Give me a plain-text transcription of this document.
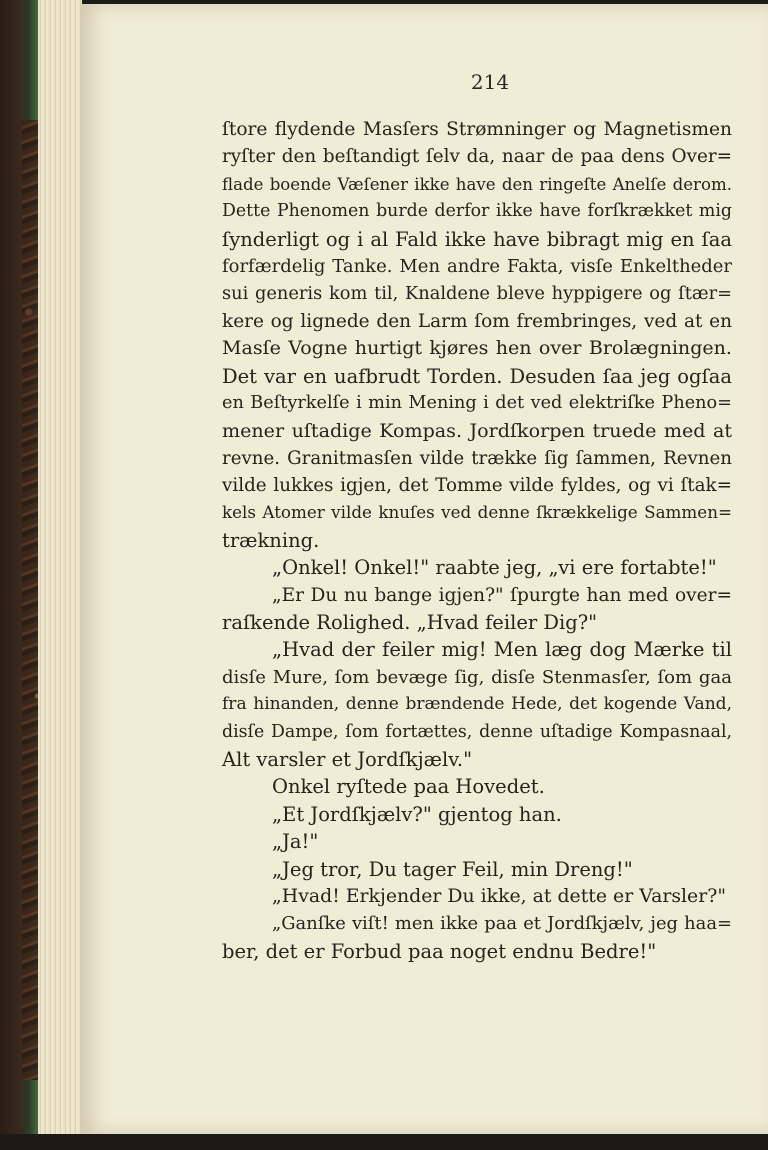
214
ſtore flydende Masſers Strømninger og Magnetismen
ryſter den beſtandigt ſelv da, naar de paa dens Over=
flade boende Væſener ikke have den ringeſte Anelſe derom.
Dette Phenomen burde derfor ikke have forſkrækket mig
ſynderligt og i al Fald ikke have bibragt mig en ſaa
forfærdelig Tanke. Men andre Fakta, visſe Enkeltheder
sui generis kom til, Knaldene bleve hyppigere og ſtær=
kere og lignede den Larm ſom frembringes, ved at en
Masſe Vogne hurtigt kjøres hen over Brolægningen.
Det var en uafbrudt Torden. Desuden ſaa jeg ogſaa
en Beſtyrkelſe i min Mening i det ved elektriſke Pheno=
mener uſtadige Kompas. Jordſkorpen truede med at
revne. Granitmasſen vilde trække ſig ſammen, Revnen
vilde lukkes igjen, det Tomme vilde fyldes, og vi ſtak=
kels Atomer vilde knuſes ved denne ſkrækkelige Sammen=
trækning.
„Onkel! Onkel!" raabte jeg, „vi ere fortabte!"
„Er Du nu bange igjen?" ſpurgte han med over=
raſkende Rolighed. „Hvad feiler Dig?"
„Hvad der feiler mig! Men læg dog Mærke til
disſe Mure, ſom bevæge ſig, disſe Stenmasſer, ſom gaa
fra hinanden, denne brændende Hede, det kogende Vand,
disſe Dampe, ſom fortættes, denne uſtadige Kompasnaal,
Alt varsler et Jordſkjælv."
Onkel ryſtede paa Hovedet.
„Et Jordſkjælv?" gjentog han.
„Ja!"
„Jeg tror, Du tager Feil, min Dreng!"
„Hvad! Erkjender Du ikke, at dette er Varsler?"
„Ganſke viſt! men ikke paa et Jordſkjælv, jeg haa=
ber, det er Forbud paa noget endnu Bedre!"
